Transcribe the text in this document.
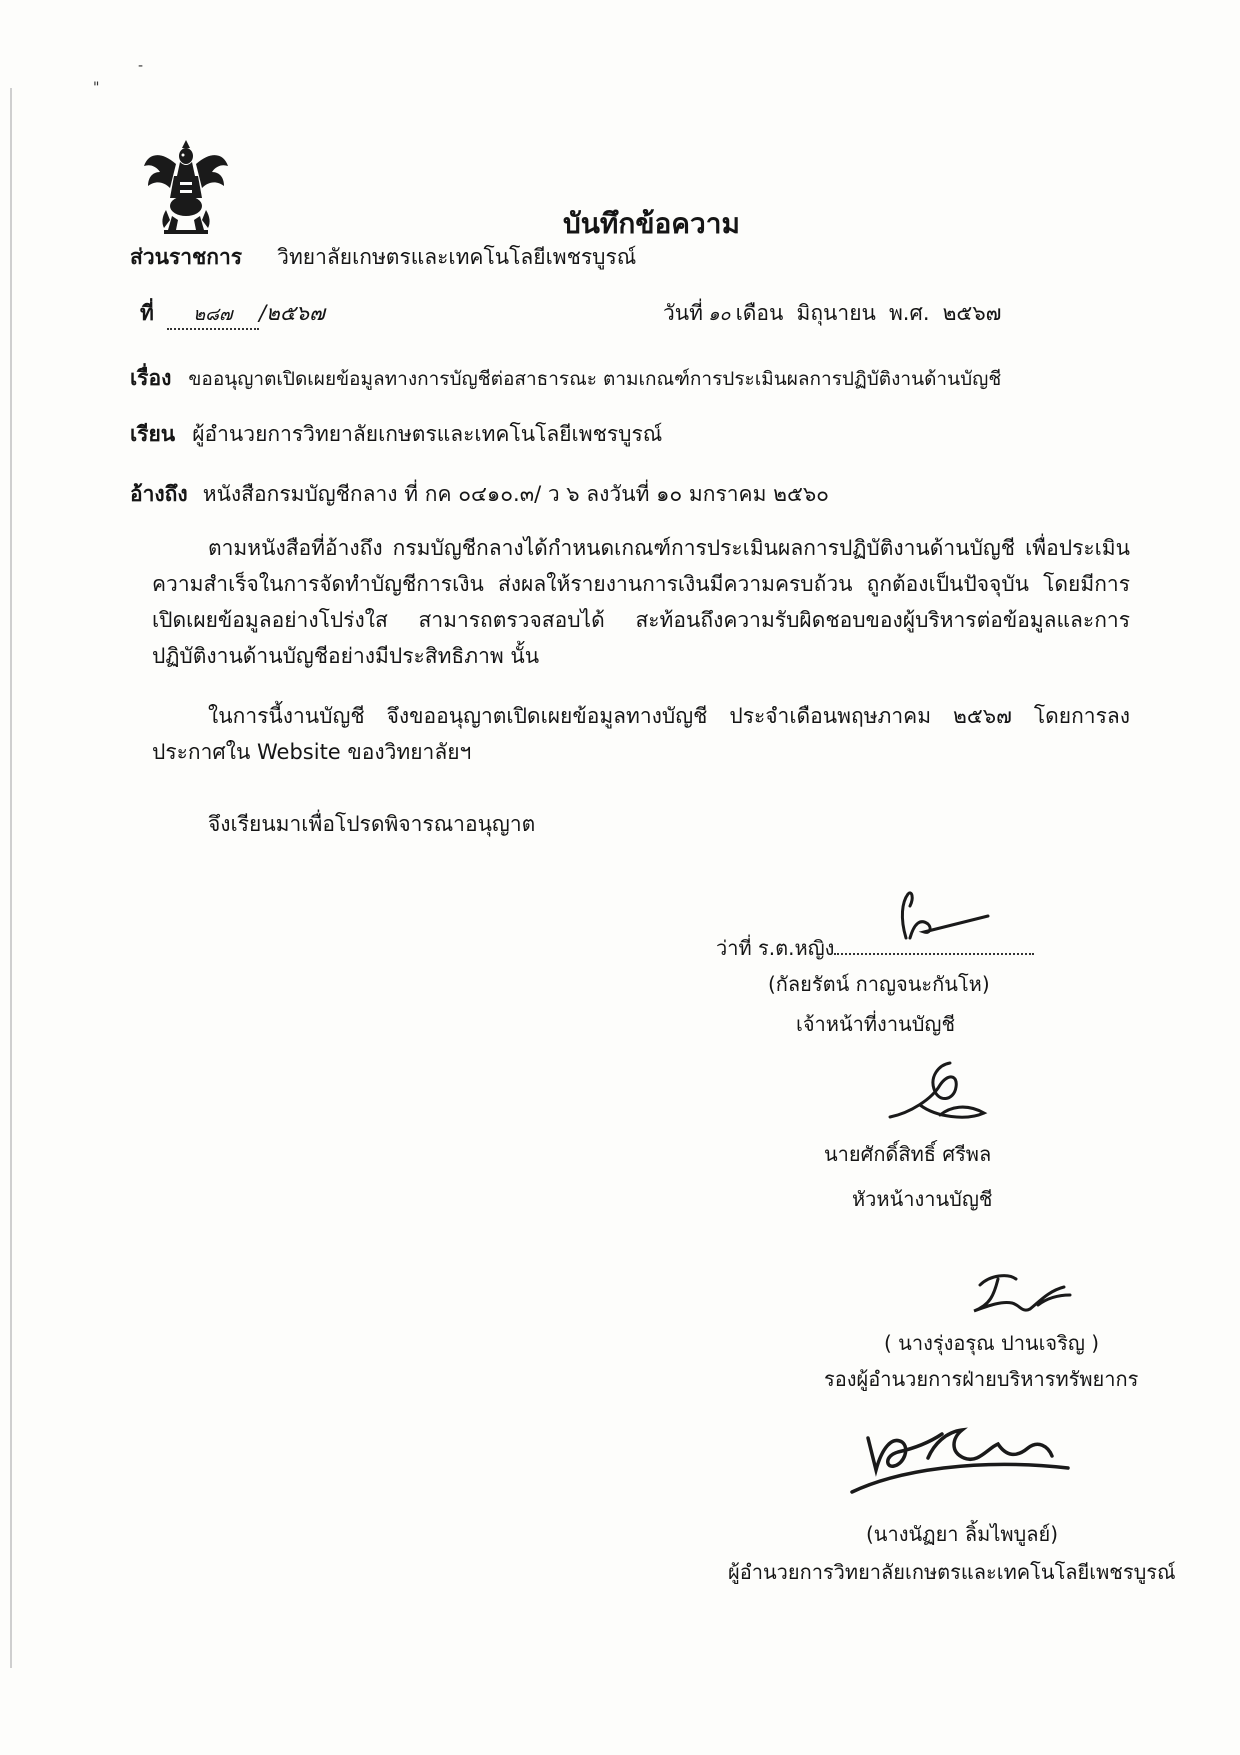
"
-
บันทึกข้อความ
ส่วนราชการ วิทยาลัยเกษตรและเทคโนโลยีเพชรบูรณ์
ที่ ๒๘๗ /๒๕๖๗	วันที่ ๑๐ เดือน มิถุนายน พ.ศ. ๒๕๖๗
เรื่อง ขออนุญาตเปิดเผยข้อมูลทางการบัญชีต่อสาธารณะ ตามเกณฑ์การประเมินผลการปฏิบัติงานด้านบัญชี
เรียน ผู้อำนวยการวิทยาลัยเกษตรและเทคโนโลยีเพชรบูรณ์
อ้างถึง หนังสือกรมบัญชีกลาง ที่ กค ๐๔๑๐.๓/ ว ๖ ลงวันที่ ๑๐ มกราคม ๒๕๖๐
ตามหนังสือที่อ้างถึง กรมบัญชีกลางได้กำหนดเกณฑ์การประเมินผลการปฏิบัติงานด้านบัญชี เพื่อประเมินความสำเร็จในการจัดทำบัญชีการเงิน ส่งผลให้รายงานการเงินมีความครบถ้วน ถูกต้องเป็นปัจจุบัน โดยมีการเปิดเผยข้อมูลอย่างโปร่งใส สามารถตรวจสอบได้ สะท้อนถึงความรับผิดชอบของผู้บริหารต่อข้อมูลและการปฏิบัติงานด้านบัญชีอย่างมีประสิทธิภาพ นั้น
ในการนี้งานบัญชี จึงขออนุญาตเปิดเผยข้อมูลทางบัญชี ประจำเดือนพฤษภาคม ๒๕๖๗ โดยการลงประกาศใน Website ของวิทยาลัยฯ
จึงเรียนมาเพื่อโปรดพิจารณาอนุญาต
ว่าที่ ร.ต.หญิง
(กัลยรัตน์ กาญจนะกันโห)
เจ้าหน้าที่งานบัญชี
นายศักดิ์สิทธิ์ ศรีพล
หัวหน้างานบัญชี
( นางรุ่งอรุณ ปานเจริญ )
รองผู้อำนวยการฝ่ายบริหารทรัพยากร
(นางนัฏยา ลิ้มไพบูลย์)
ผู้อำนวยการวิทยาลัยเกษตรและเทคโนโลยีเพชรบูรณ์
